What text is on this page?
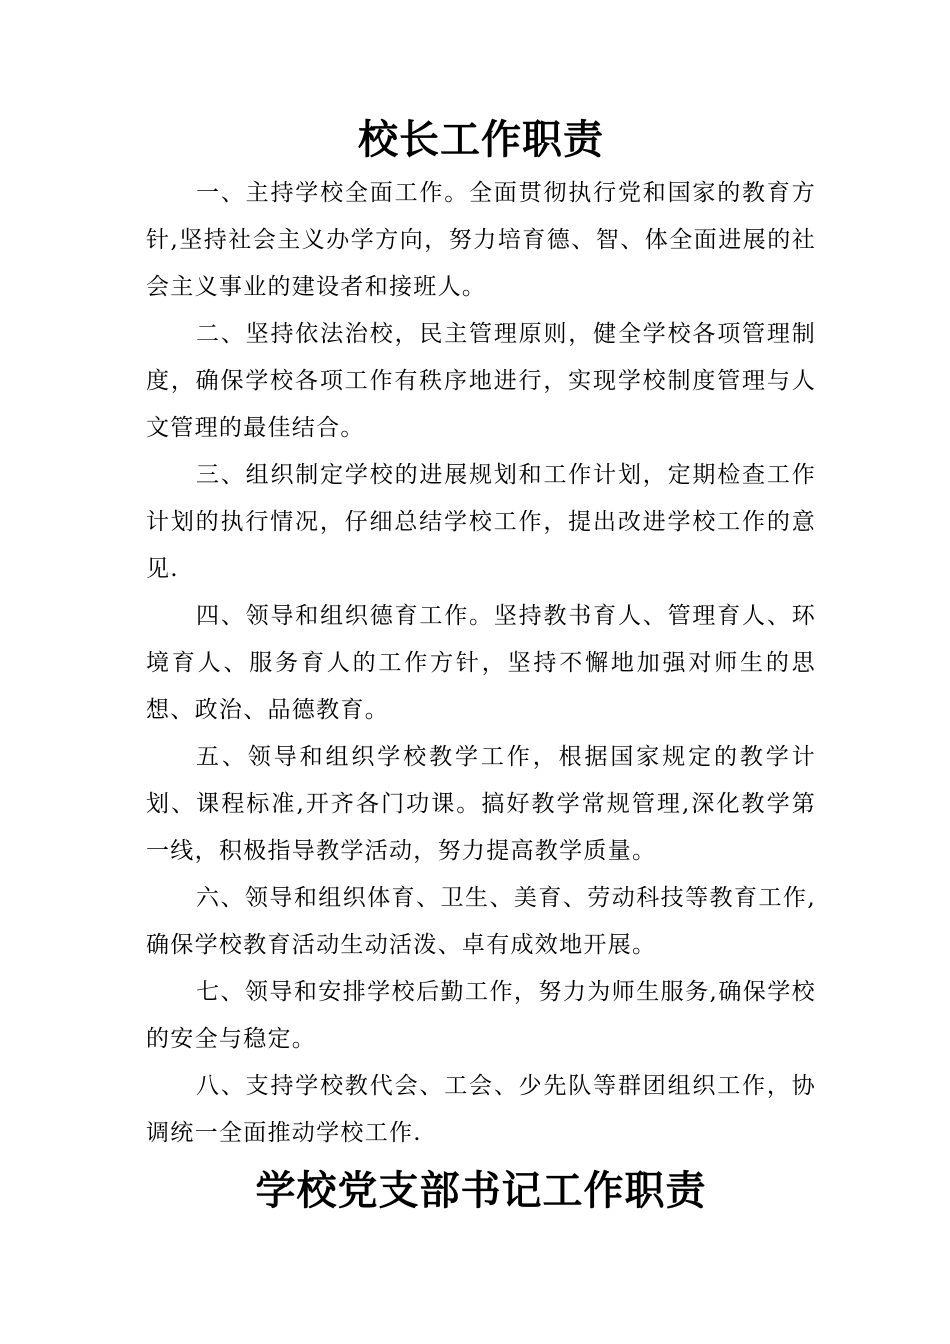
校长工作职责

一、主持学校全面工作。全面贯彻执行党和国家的教育方针,坚持社会主义办学方向，努力培育德、智、体全面进展的社会主义事业的建设者和接班人。

二、坚持依法治校，民主管理原则，健全学校各项管理制度，确保学校各项工作有秩序地进行，实现学校制度管理与人文管理的最佳结合。

三、组织制定学校的进展规划和工作计划，定期检查工作计划的执行情况，仔细总结学校工作，提出改进学校工作的意见.

四、领导和组织德育工作。坚持教书育人、管理育人、环境育人、服务育人的工作方针，坚持不懈地加强对师生的思想、政治、品德教育。

五、领导和组织学校教学工作，根据国家规定的教学计划、课程标准,开齐各门功课。搞好教学常规管理,深化教学第一线，积极指导教学活动，努力提高教学质量。

六、领导和组织体育、卫生、美育、劳动科技等教育工作,确保学校教育活动生动活泼、卓有成效地开展。

七、领导和安排学校后勤工作，努力为师生服务,确保学校的安全与稳定。

八、支持学校教代会、工会、少先队等群团组织工作，协调统一全面推动学校工作.

学校党支部书记工作职责
